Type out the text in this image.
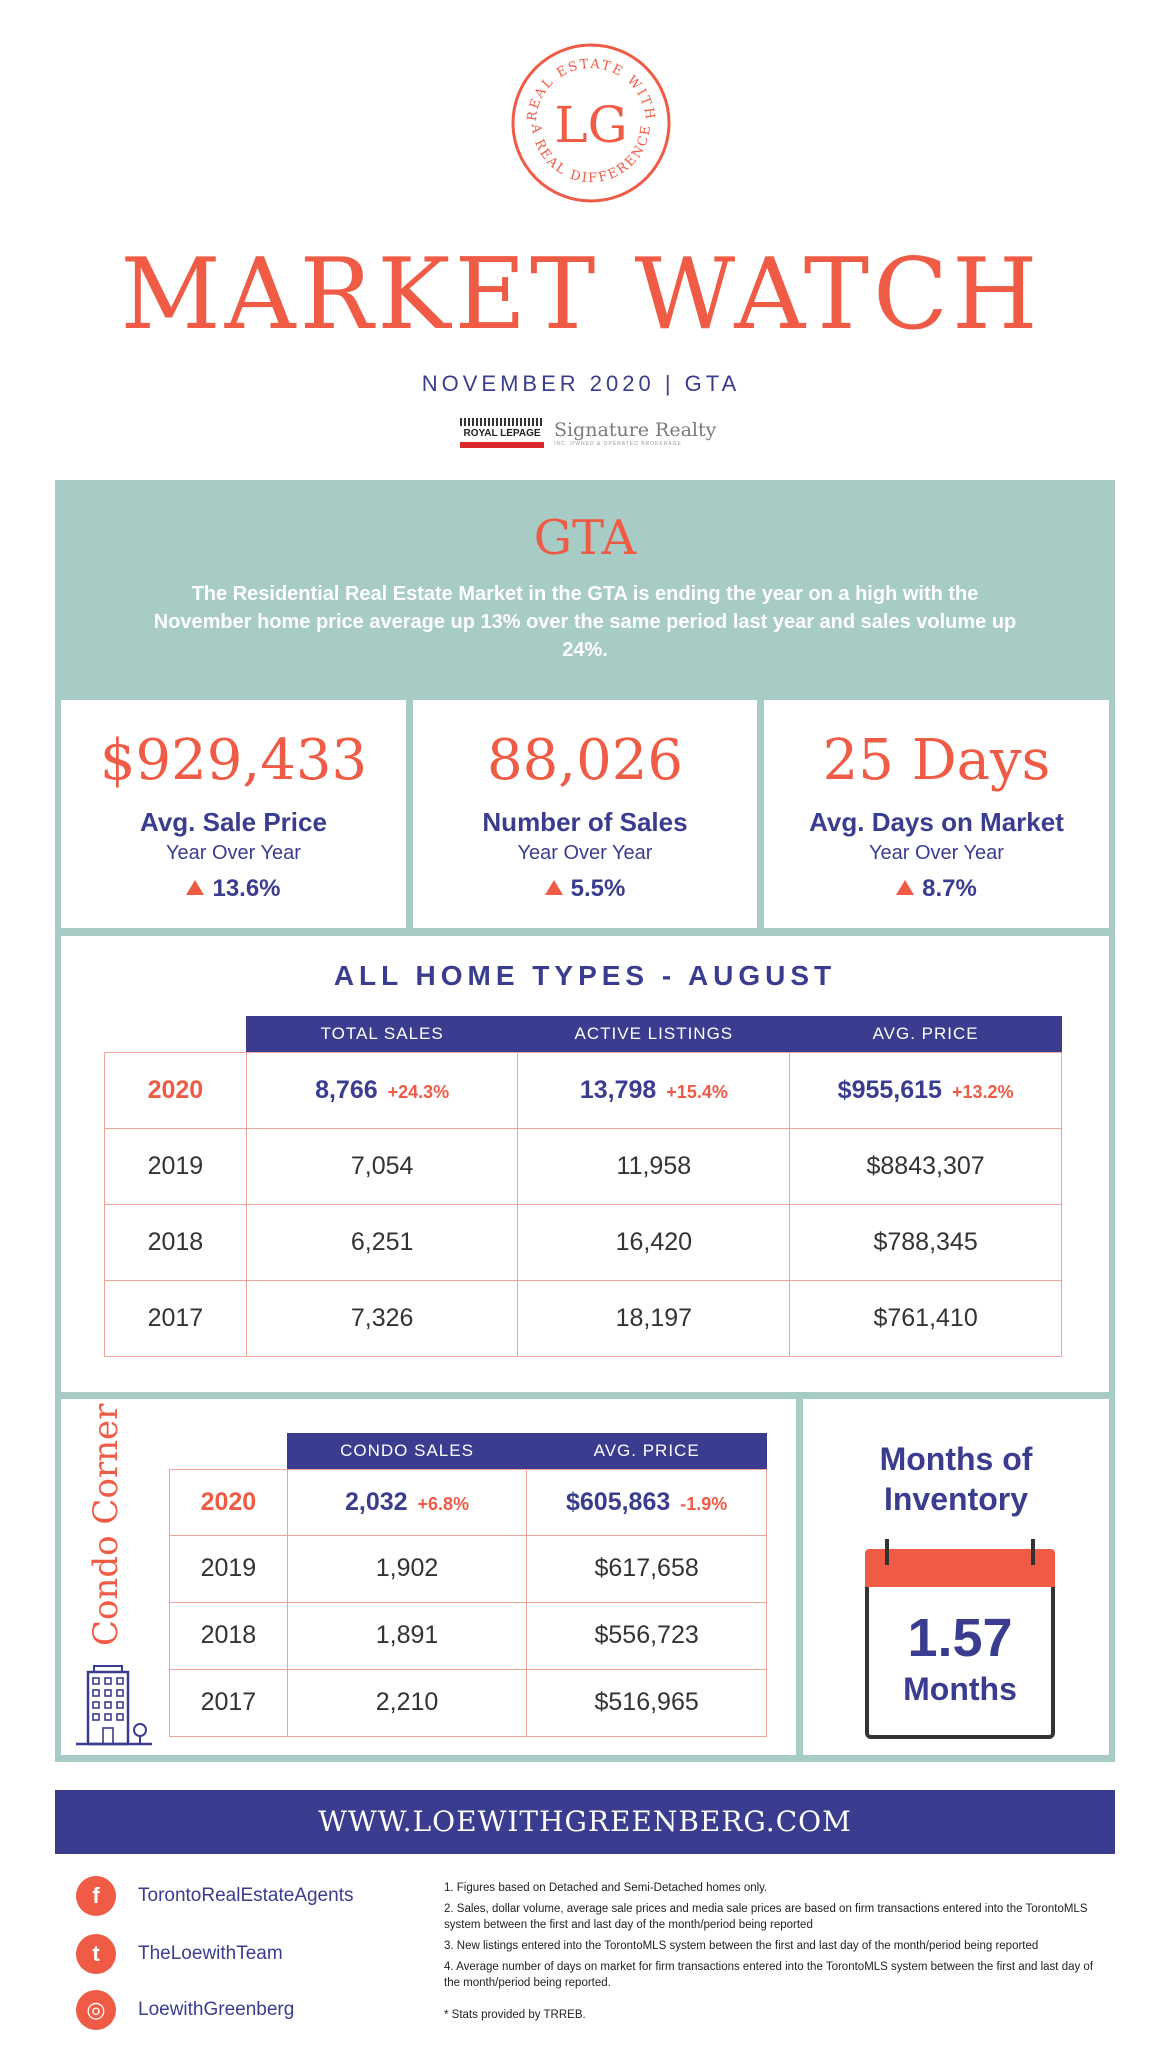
REAL ESTATE WITH
A REAL DIFFERENCE
LG
MARKET WATCH
NOVEMBER 2020 | GTA
ROYAL LEPAGE Signature Realty
INC. OWNED & OPERATED BROKERAGE
GTA

The Residential Real Estate Market in the GTA is ending the year on a high with the November home price average up 13% over the same period last year and sales volume up 24%.

$929,433
Avg. Sale Price
Year Over Year
13.6%
88,026
Number of Sales
Year Over Year
5.5%
25 Days
Avg. Days on Market
Year Over Year
8.7%
ALL HOME TYPES - AUGUST
	TOTAL SALES	ACTIVE LISTINGS	AVG. PRICE
2020	8,766 +24.3%	13,798 +15.4%	$955,615 +13.2%
2019	7,054	11,958	$8843,307
2018	6,251	16,420	$788,345
2017	7,326	18,197	$761,410
	CONDO SALES	AVG. PRICE
2020	2,032 +6.8%	$605,863 -1.9%
2019	1,902	$617,658
2018	1,891	$556,723
2017	2,210	$516,965
Condo Corner	Months of
Inventory
1.57
Months
WWW.LOEWITHGREENBERG.COM
f	TorontoRealEstateAgents
t	TheLoewithTeam
◎	LoewithGreenberg

1. Figures based on Detached and Semi-Detached homes only.

2. Sales, dollar volume, average sale prices and media sale prices are based on firm transactions entered into the TorontoMLS system between the first and last day of the month/period being reported

3. New listings entered into the TorontoMLS system between the first and last day of the month/period being reported

4. Average number of days on market for firm transactions entered into the TorontoMLS system between the first and last day of the month/period being reported.

* Stats provided by TRREB.
